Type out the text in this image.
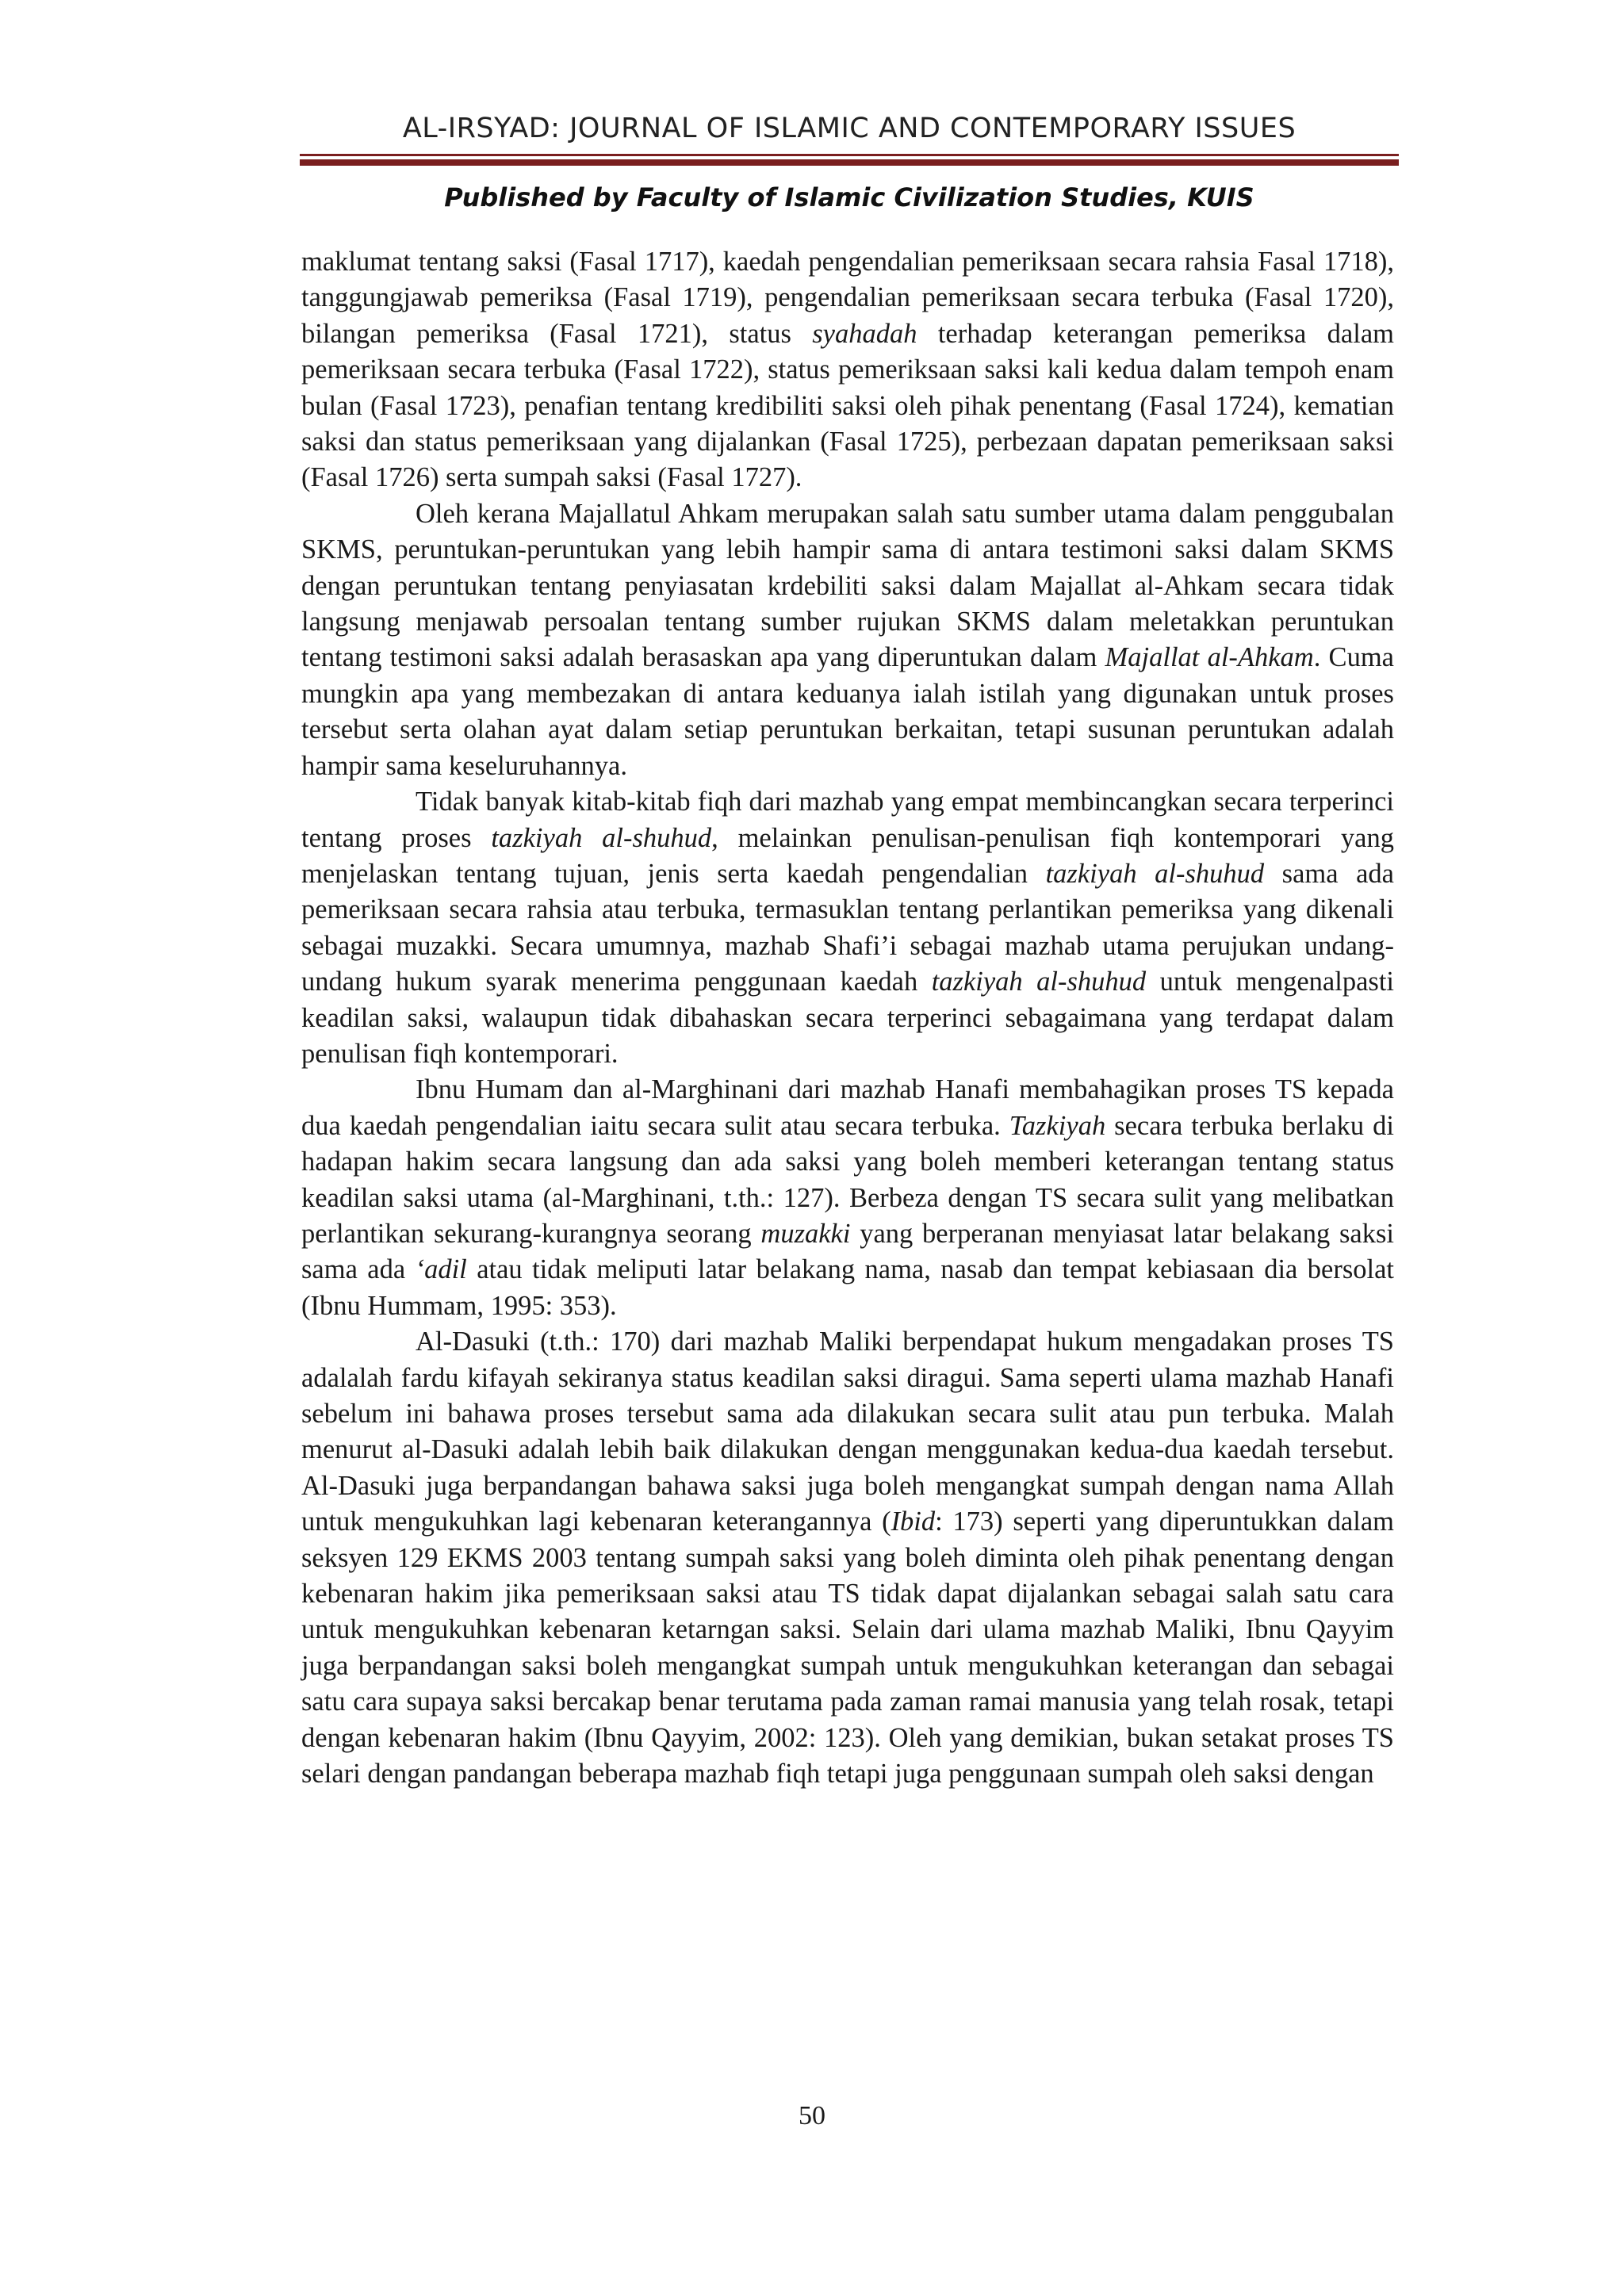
AL-IRSYAD: JOURNAL OF ISLAMIC AND CONTEMPORARY ISSUES

Published by Faculty of Islamic Civilization Studies, KUIS

maklumat tentang saksi (Fasal 1717), kaedah pengendalian pemeriksaan secara rahsia Fasal 1718), tanggungjawab pemeriksa (Fasal 1719), pengendalian pemeriksaan secara terbuka (Fasal 1720), bilangan pemeriksa (Fasal 1721), status syahadah terhadap keterangan pemeriksa dalam pemeriksaan secara terbuka (Fasal 1722), status pemeriksaan saksi kali kedua dalam tempoh enam bulan (Fasal 1723), penafian tentang kredibiliti saksi oleh pihak penentang (Fasal 1724), kematian saksi dan status pemeriksaan yang dijalankan (Fasal 1725), perbezaan dapatan pemeriksaan saksi (Fasal 1726) serta sumpah saksi (Fasal 1727).

Oleh kerana Majallatul Ahkam merupakan salah satu sumber utama dalam penggubalan SKMS, peruntukan-peruntukan yang lebih hampir sama di antara testimoni saksi dalam SKMS dengan peruntukan tentang penyiasatan krdebiliti saksi dalam Majallat al-Ahkam secara tidak langsung menjawab persoalan tentang sumber rujukan SKMS dalam meletakkan peruntukan tentang testimoni saksi adalah berasaskan apa yang diperuntukan dalam Majallat al-Ahkam. Cuma mungkin apa yang membezakan di antara keduanya ialah istilah yang digunakan untuk proses tersebut serta olahan ayat dalam setiap peruntukan berkaitan, tetapi susunan peruntukan adalah hampir sama keseluruhannya.

Tidak banyak kitab-kitab fiqh dari mazhab yang empat membincangkan secara terperinci tentang proses tazkiyah al-shuhud, melainkan penulisan-penulisan fiqh kontemporari yang menjelaskan tentang tujuan, jenis serta kaedah pengendalian tazkiyah al-shuhud sama ada pemeriksaan secara rahsia atau terbuka, termasuklan tentang perlantikan pemeriksa yang dikenali sebagai muzakki. Secara umumnya, mazhab Shafi’i sebagai mazhab utama perujukan undang-undang hukum syarak menerima penggunaan kaedah tazkiyah al-shuhud untuk mengenalpasti keadilan saksi, walaupun tidak dibahaskan secara terperinci sebagaimana yang terdapat dalam penulisan fiqh kontemporari.

Ibnu Humam dan al-Marghinani dari mazhab Hanafi membahagikan proses TS kepada dua kaedah pengendalian iaitu secara sulit atau secara terbuka. Tazkiyah secara terbuka berlaku di hadapan hakim secara langsung dan ada saksi yang boleh memberi keterangan tentang status keadilan saksi utama (al-Marghinani, t.th.: 127). Berbeza dengan TS secara sulit yang melibatkan perlantikan sekurang-kurangnya seorang muzakki yang berperanan menyiasat latar belakang saksi sama ada ‘adil atau tidak meliputi latar belakang nama, nasab dan tempat kebiasaan dia bersolat (Ibnu Hummam, 1995: 353).

Al-Dasuki (t.th.: 170) dari mazhab Maliki berpendapat hukum mengadakan proses TS adalalah fardu kifayah sekiranya status keadilan saksi diragui. Sama seperti ulama mazhab Hanafi sebelum ini bahawa proses tersebut sama ada dilakukan secara sulit atau pun terbuka. Malah menurut al-Dasuki adalah lebih baik dilakukan dengan menggunakan kedua-dua kaedah tersebut. Al-Dasuki juga berpandangan bahawa saksi juga boleh mengangkat sumpah dengan nama Allah untuk mengukuhkan lagi kebenaran keterangannya (Ibid: 173) seperti yang diperuntukkan dalam seksyen 129 EKMS 2003 tentang sumpah saksi yang boleh diminta oleh pihak penentang dengan kebenaran hakim jika pemeriksaan saksi atau TS tidak dapat dijalankan sebagai salah satu cara untuk mengukuhkan kebenaran ketarngan saksi. Selain dari ulama mazhab Maliki, Ibnu Qayyim juga berpandangan saksi boleh mengangkat sumpah untuk mengukuhkan keterangan dan sebagai satu cara supaya saksi bercakap benar terutama pada zaman ramai manusia yang telah rosak, tetapi dengan kebenaran hakim (Ibnu Qayyim, 2002: 123). Oleh yang demikian, bukan setakat proses TS selari dengan pandangan beberapa mazhab fiqh tetapi juga penggunaan sumpah oleh saksi dengan

50
